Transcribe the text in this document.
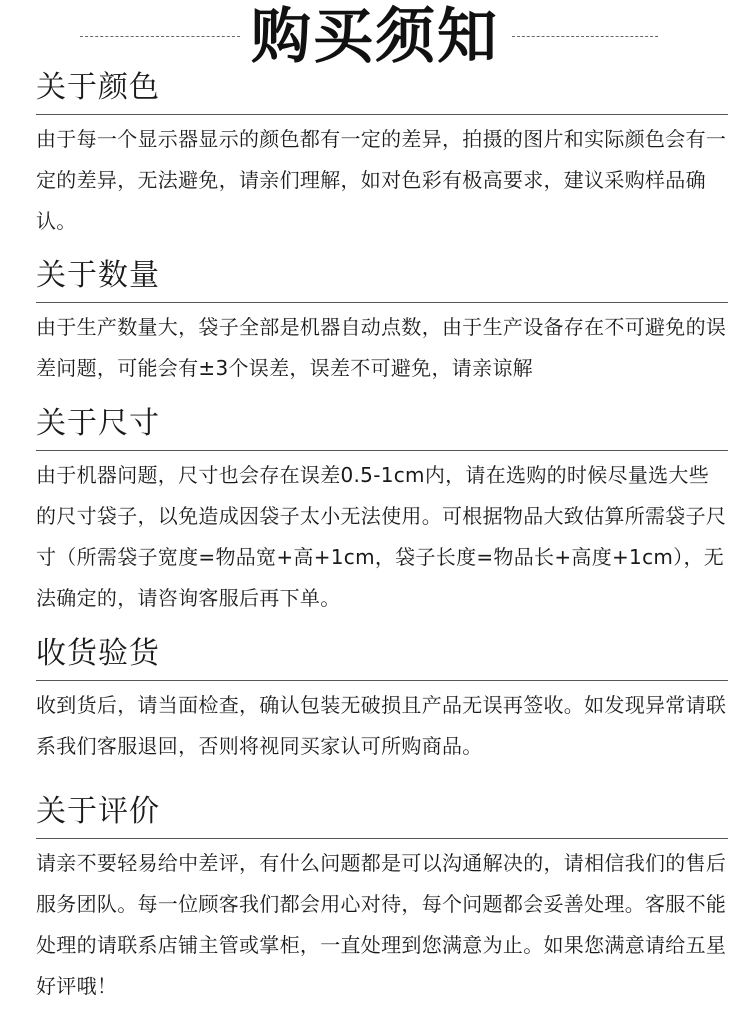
购买须知
关于颜色
由于每一个显示器显示的颜色都有一定的差异，拍摄的图片和实际颜色会有一定的差异，无法避免，请亲们理解，如对色彩有极高要求，建议采购样品确认。
关于数量
由于生产数量大，袋子全部是机器自动点数，由于生产设备存在不可避免的误差问题，可能会有±3个误差，误差不可避免，请亲谅解
关于尺寸
由于机器问题，尺寸也会存在误差0.5-1cm内，请在选购的时候尽量选大些的尺寸袋子，以免造成因袋子太小无法使用。可根据物品大致估算所需袋子尺寸（所需袋子宽度=物品宽+高+1cm，袋子长度=物品长+高度+1cm），无法确定的，请咨询客服后再下单。
收货验货
收到货后，请当面检查，确认包装无破损且产品无误再签收。如发现异常请联系我们客服退回，否则将视同买家认可所购商品。
关于评价
请亲不要轻易给中差评，有什么问题都是可以沟通解决的，请相信我们的售后服务团队。每一位顾客我们都会用心对待，每个问题都会妥善处理。客服不能处理的请联系店铺主管或掌柜，一直处理到您满意为止。如果您满意请给五星好评哦！
